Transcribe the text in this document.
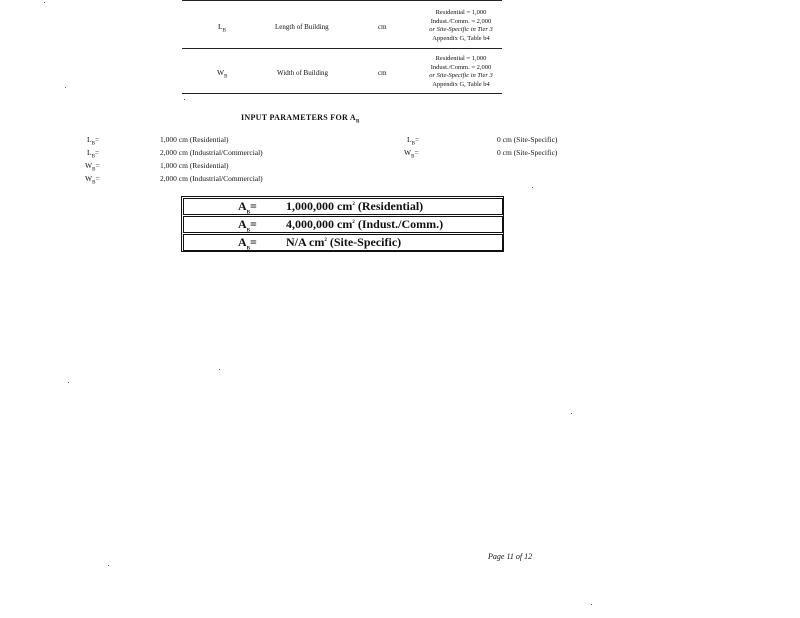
$L_B$	Length of Building	cm
Residential = 1,000
Indust./Comm. = 2,000
or Site-Specific in Tier 3
Appendix G, Table b4
$W_B$	Width of Building	cm
Residential = 1,000
Indust./Comm. = 2,000
or Site-Specific in Tier 3
Appendix G, Table b4
INPUT PARAMETERS FOR $A_B$
$L_B=$	1,000 cm (Residential)
$L_B=$	2,000 cm (Industrial/Commercial)
$W_B=$	1,000 cm (Residential)
$W_B=$	2,000 cm (Industrial/Commercial)
$L_B=$	0 cm (Site-Specific)
$W_B=$	0 cm (Site-Specific)
$A_B= 1,000,000$ $cm^2$ (Residential)
$A_B= 4,000,000$ $cm^2$ (Indust./Comm.)
$A_B= N/A$ $cm^2$ (Site-Specific)
Page 11 of 12
